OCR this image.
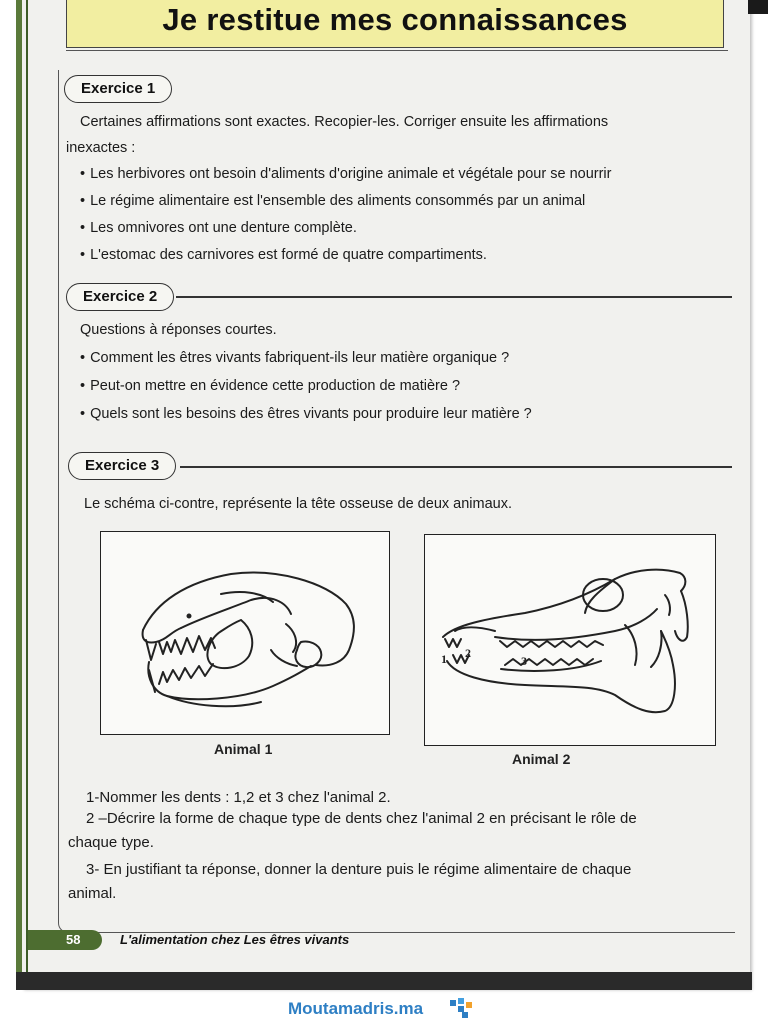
Je restitue mes connaissances
Exercice 1
Certaines affirmations sont exactes. Recopier-les. Corriger ensuite les affirmations
inexactes :
• Les herbivores ont besoin d'aliments d'origine animale et végétale pour se nourrir
• Le régime alimentaire est l'ensemble des aliments consommés par un animal
• Les omnivores ont une denture complète.
• L'estomac des carnivores est formé de quatre compartiments.
Exercice 2
Questions à réponses courtes.
• Comment les êtres vivants fabriquent-ils leur matière organique ?
• Peut-on mettre en évidence cette production de matière ?
• Quels sont les besoins des êtres vivants pour produire leur matière ?
Exercice 3
Le schéma ci-contre, représente la tête osseuse de deux animaux.
Animal 1
1 2
3
Animal 2
1-Nommer les dents : 1,2 et 3 chez l'animal 2.
2 –Décrire la forme de chaque type de dents chez l'animal 2 en précisant le rôle de
chaque type.
3- En justifiant ta réponse, donner la denture puis le régime alimentaire de chaque
animal.
58	L'alimentation chez Les êtres vivants
Moutamadris.ma
